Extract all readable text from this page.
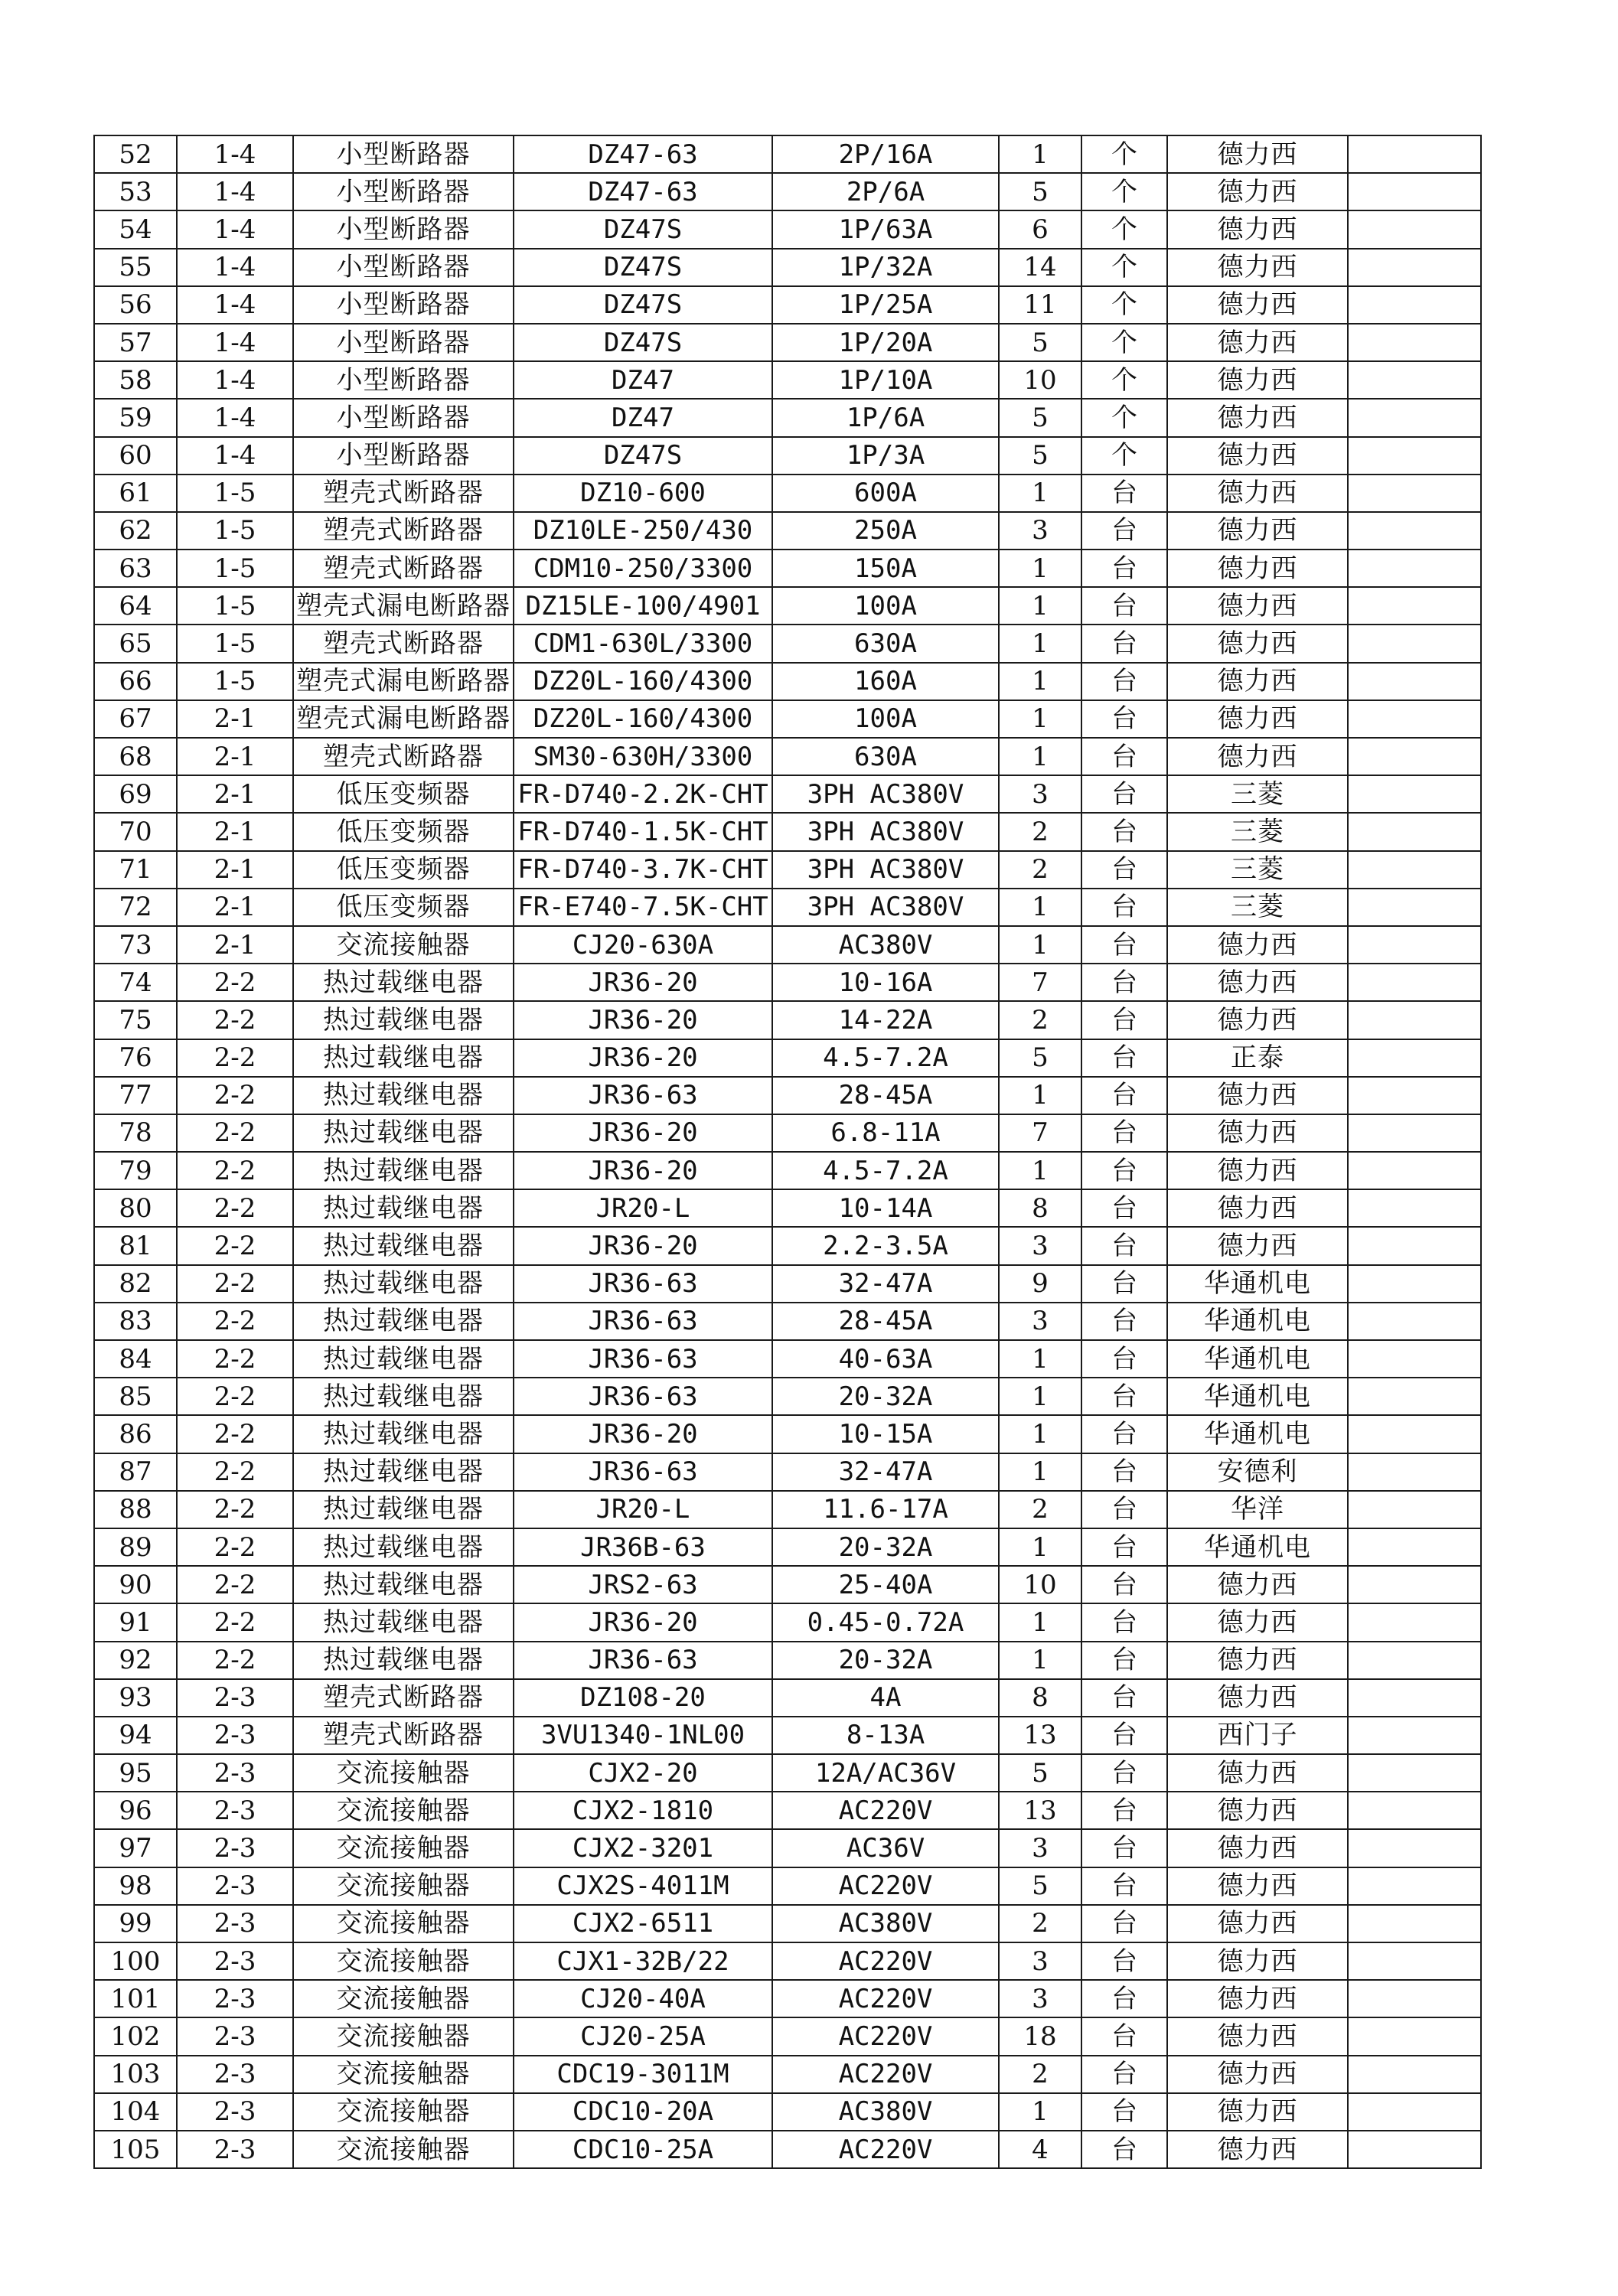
52	1-4	小型断路器	DZ47-63	2P/16A	1	个	德力西	
53	1-4	小型断路器	DZ47-63	2P/6A	5	个	德力西	
54	1-4	小型断路器	DZ47S	1P/63A	6	个	德力西	
55	1-4	小型断路器	DZ47S	1P/32A	14	个	德力西	
56	1-4	小型断路器	DZ47S	1P/25A	11	个	德力西	
57	1-4	小型断路器	DZ47S	1P/20A	5	个	德力西	
58	1-4	小型断路器	DZ47	1P/10A	10	个	德力西	
59	1-4	小型断路器	DZ47	1P/6A	5	个	德力西	
60	1-4	小型断路器	DZ47S	1P/3A	5	个	德力西	
61	1-5	塑壳式断路器	DZ10-600	600A	1	台	德力西	
62	1-5	塑壳式断路器	DZ10LE-250/430	250A	3	台	德力西	
63	1-5	塑壳式断路器	CDM10-250/3300	150A	1	台	德力西	
64	1-5	塑壳式漏电断路器	DZ15LE-100/4901	100A	1	台	德力西	
65	1-5	塑壳式断路器	CDM1-630L/3300	630A	1	台	德力西	
66	1-5	塑壳式漏电断路器	DZ20L-160/4300	160A	1	台	德力西	
67	2-1	塑壳式漏电断路器	DZ20L-160/4300	100A	1	台	德力西	
68	2-1	塑壳式断路器	SM30-630H/3300	630A	1	台	德力西	
69	2-1	低压变频器	FR-D740-2.2K-CHT	3PH AC380V	3	台	三菱	
70	2-1	低压变频器	FR-D740-1.5K-CHT	3PH AC380V	2	台	三菱	
71	2-1	低压变频器	FR-D740-3.7K-CHT	3PH AC380V	2	台	三菱	
72	2-1	低压变频器	FR-E740-7.5K-CHT	3PH AC380V	1	台	三菱	
73	2-1	交流接触器	CJ20-630A	AC380V	1	台	德力西	
74	2-2	热过载继电器	JR36-20	10-16A	7	台	德力西	
75	2-2	热过载继电器	JR36-20	14-22A	2	台	德力西	
76	2-2	热过载继电器	JR36-20	4.5-7.2A	5	台	正泰	
77	2-2	热过载继电器	JR36-63	28-45A	1	台	德力西	
78	2-2	热过载继电器	JR36-20	6.8-11A	7	台	德力西	
79	2-2	热过载继电器	JR36-20	4.5-7.2A	1	台	德力西	
80	2-2	热过载继电器	JR20-L	10-14A	8	台	德力西	
81	2-2	热过载继电器	JR36-20	2.2-3.5A	3	台	德力西	
82	2-2	热过载继电器	JR36-63	32-47A	9	台	华通机电	
83	2-2	热过载继电器	JR36-63	28-45A	3	台	华通机电	
84	2-2	热过载继电器	JR36-63	40-63A	1	台	华通机电	
85	2-2	热过载继电器	JR36-63	20-32A	1	台	华通机电	
86	2-2	热过载继电器	JR36-20	10-15A	1	台	华通机电	
87	2-2	热过载继电器	JR36-63	32-47A	1	台	安德利	
88	2-2	热过载继电器	JR20-L	11.6-17A	2	台	华洋	
89	2-2	热过载继电器	JR36B-63	20-32A	1	台	华通机电	
90	2-2	热过载继电器	JRS2-63	25-40A	10	台	德力西	
91	2-2	热过载继电器	JR36-20	0.45-0.72A	1	台	德力西	
92	2-2	热过载继电器	JR36-63	20-32A	1	台	德力西	
93	2-3	塑壳式断路器	DZ108-20	4A	8	台	德力西	
94	2-3	塑壳式断路器	3VU1340-1NL00	8-13A	13	台	西门子	
95	2-3	交流接触器	CJX2-20	12A/AC36V	5	台	德力西	
96	2-3	交流接触器	CJX2-1810	AC220V	13	台	德力西	
97	2-3	交流接触器	CJX2-3201	AC36V	3	台	德力西	
98	2-3	交流接触器	CJX2S-4011M	AC220V	5	台	德力西	
99	2-3	交流接触器	CJX2-6511	AC380V	2	台	德力西	
100	2-3	交流接触器	CJX1-32B/22	AC220V	3	台	德力西	
101	2-3	交流接触器	CJ20-40A	AC220V	3	台	德力西	
102	2-3	交流接触器	CJ20-25A	AC220V	18	台	德力西	
103	2-3	交流接触器	CDC19-3011M	AC220V	2	台	德力西	
104	2-3	交流接触器	CDC10-20A	AC380V	1	台	德力西	
105	2-3	交流接触器	CDC10-25A	AC220V	4	台	德力西	
